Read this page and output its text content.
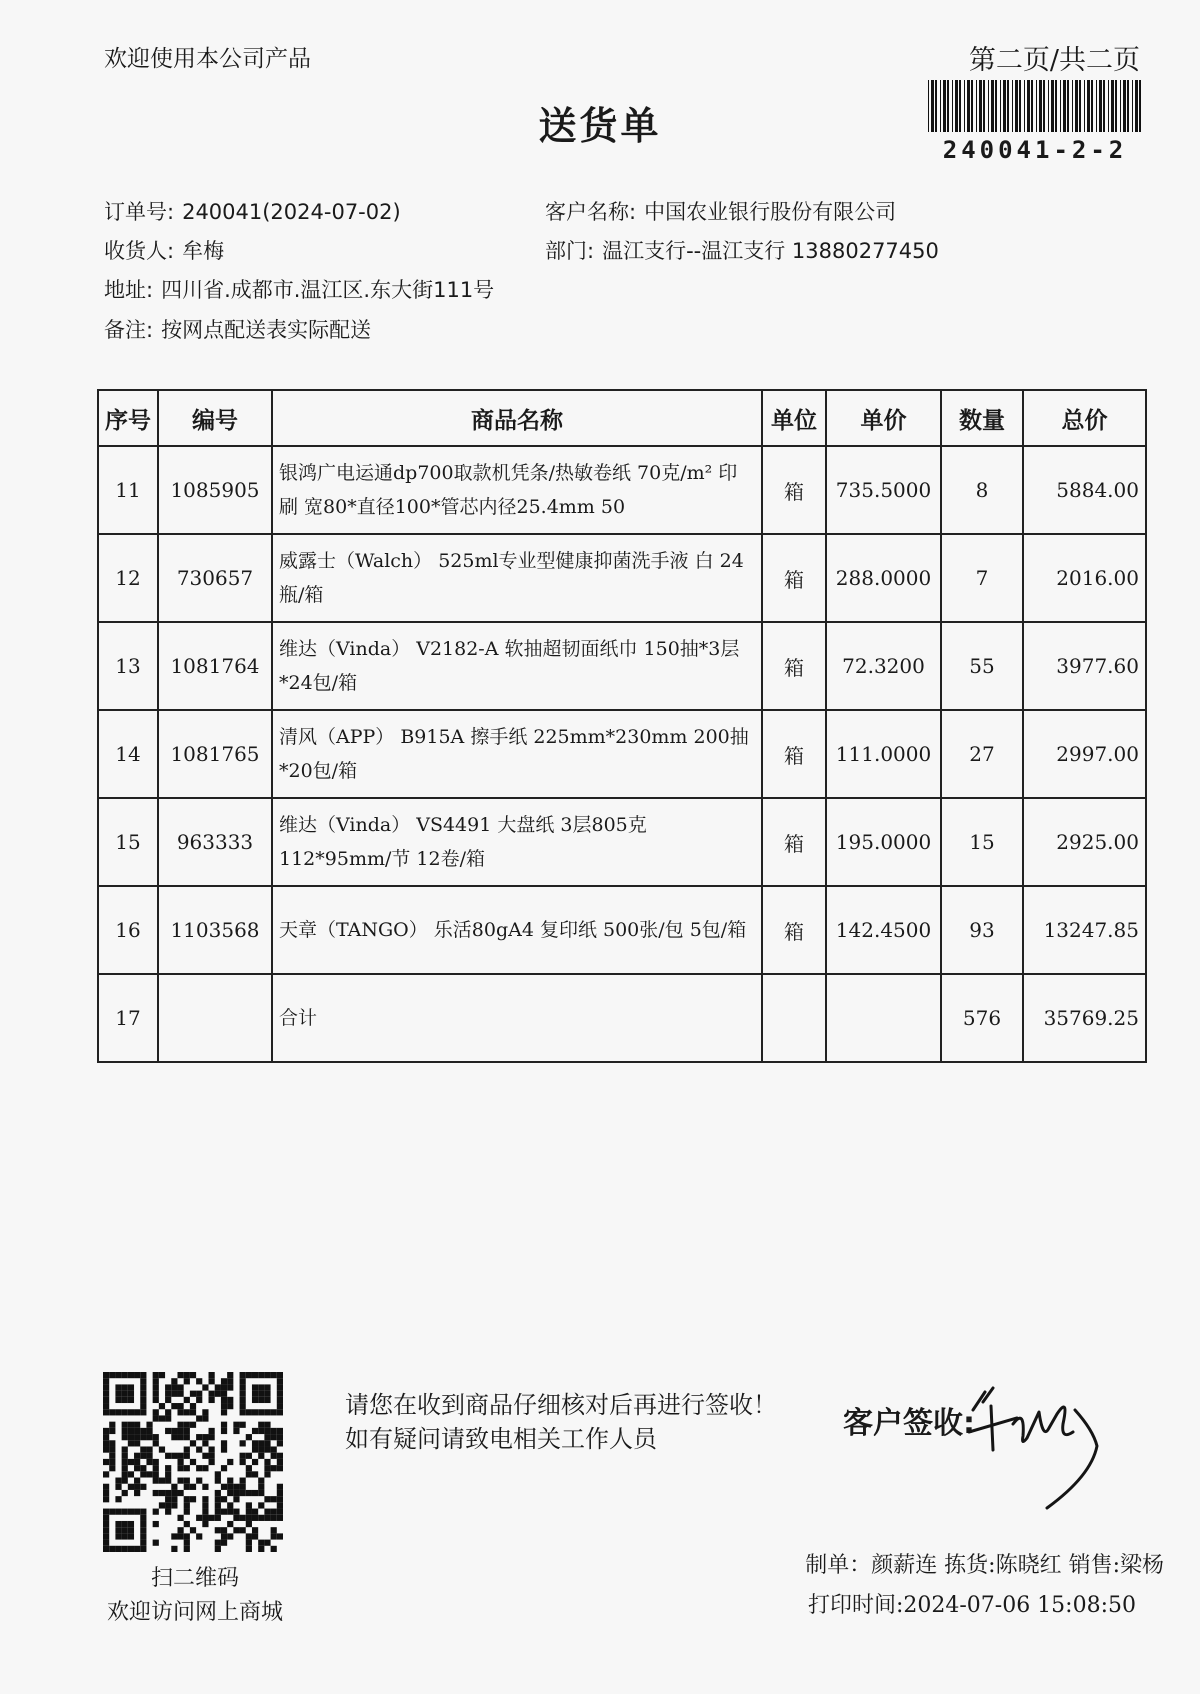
欢迎使用本公司产品	第二页/共二页
送货单
240041-2-2
订单号: 240041(2024-07-02)
收货人: 牟梅
地址: 四川省.成都市.温江区.东大街111号
备注: 按网点配送表实际配送
客户名称: 中国农业银行股份有限公司
部门: 温江支行--温江支行 13880277450
序号	编号	商品名称	单位	单价	数量	总价
11	1085905	银鸿广电运通dp700取款机凭条/热敏卷纸 70克/m² 印刷 宽80*直径100*管芯内径25.4mm 50	箱	735.5000	8	5884.00
12	730657	威露士（Walch） 525ml专业型健康抑菌洗手液 白 24瓶/箱	箱	288.0000	7	2016.00
13	1081764	维达（Vinda） V2182-A 软抽超韧面纸巾 150抽*3层*24包/箱	箱	72.3200	55	3977.60
14	1081765	清风（APP） B915A 擦手纸 225mm*230mm 200抽*20包/箱	箱	111.0000	27	2997.00
15	963333	维达（Vinda） VS4491 大盘纸 3层805克 112*95mm/节 12卷/箱	箱	195.0000	15	2925.00
16	1103568	天章（TANGO） 乐活80gA4 复印纸 500张/包 5包/箱	箱	142.4500	93	13247.85
17		合计			576	35769.25
扫二维码
欢迎访问网上商城
请您在收到商品仔细核对后再进行签收！如有疑问请致电相关工作人员	客户签收:
制单：颜薪连 拣货:陈晓红 销售:梁杨
打印时间:2024-07-06 15:08:50
